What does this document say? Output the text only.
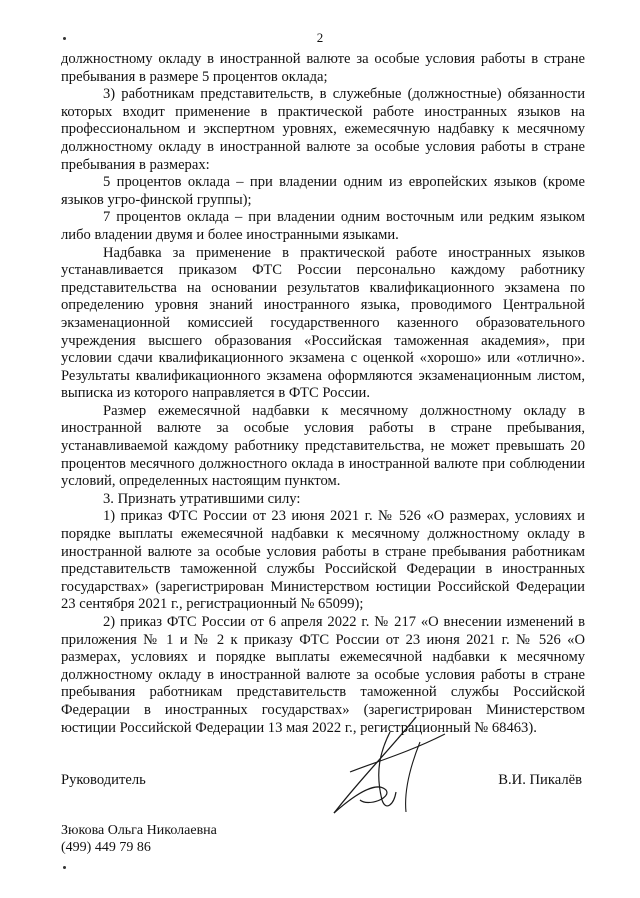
2

должностному окладу в иностранной валюте за особые условия работы в стране пребывания в размере 5 процентов оклада;

3) работникам представительств, в служебные (должностные) обязанности которых входит применение в практической работе иностранных языков на профессиональном и экспертном уровнях, ежемесячную надбавку к месячному должностному окладу в иностранной валюте за особые условия работы в стране пребывания в размерах:

5 процентов оклада – при владении одним из европейских языков (кроме языков угро-финской группы);

7 процентов оклада – при владении одним восточным или редким языком либо владении двумя и более иностранными языками.

Надбавка за применение в практической работе иностранных языков устанавливается приказом ФТС России персонально каждому работнику представительства на основании результатов квалификационного экзамена по определению уровня знаний иностранного языка, проводимого Центральной экзаменационной комиссией государственного казенного образовательного учреждения высшего образования «Российская таможенная академия», при условии сдачи квалификационного экзамена с оценкой «хорошо» или «отлично». Результаты квалификационного экзамена оформляются экзаменационным листом, выписка из которого направляется в ФТС России.

Размер ежемесячной надбавки к месячному должностному окладу в иностранной валюте за особые условия работы в стране пребывания, устанавливаемой каждому работнику представительства, не может превышать 20 процентов месячного должностного оклада в иностранной валюте при соблюдении условий, определенных настоящим пунктом.

3. Признать утратившими силу:

1) приказ ФТС России от 23 июня 2021 г. № 526 «О размерах, условиях и порядке выплаты ежемесячной надбавки к месячному должностному окладу в иностранной валюте за особые условия работы в стране пребывания работникам представительств таможенной службы Российской Федерации в иностранных государствах» (зарегистрирован Министерством юстиции Российской Федерации 23 сентября 2021 г., регистрационный № 65099);

2) приказ ФТС России от 6 апреля 2022 г. № 217 «О внесении изменений в приложения № 1 и № 2 к приказу ФТС России от 23 июня 2021 г. № 526 «О размерах, условиях и порядке выплаты ежемесячной надбавки к месячному должностному окладу в иностранной валюте за особые условия работы в стране пребывания работникам представительств таможенной службы Российской Федерации в иностранных государствах» (зарегистрирован Министерством юстиции Российской Федерации 13 мая 2022 г., регистрационный № 68463).

Руководитель	В.И. Пикалёв
Зюкова Ольга Николаевна
(499) 449 79 86
